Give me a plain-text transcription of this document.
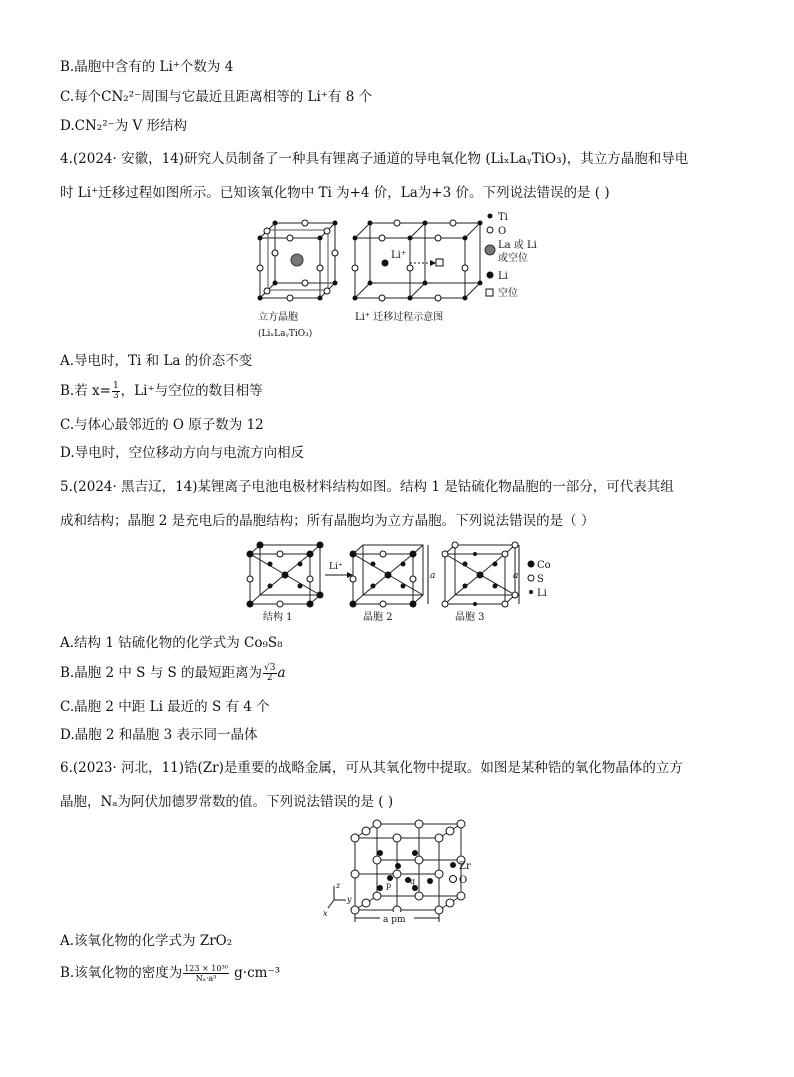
B.晶胞中含有的 Li⁺个数为 4
C.每个CN₂²⁻周围与它最近且距离相等的 Li⁺有 8 个
D.CN₂²⁻为 V 形结构
4.(2024· 安徽，14)研究人员制备了一种具有锂离子通道的导电氧化物 (LiₓLaᵧTiO₃)，其立方晶胞和导电
时 Li⁺迁移过程如图所示。已知该氧化物中 Ti 为+4 价，La为+3 价。下列说法错误的是 ( )
Li⁺
Ti
O
La 或 Li
或空位
Li
空位
立方晶胞
(LiₓLaᵧTiO₃)
Li⁺ 迁移过程示意图
A.导电时，Ti 和 La 的价态不变
B.若 $x= \frac{1}{3}$ ，Li⁺与空位的数目相等
C.与体心最邻近的 O 原子数为 12
D.导电时，空位移动方向与电流方向相反
5.(2024· 黑吉辽，14)某锂离子电池电极材料结构如图。结构 1 是钴硫化物晶胞的一部分，可代表其组
成和结构；晶胞 2 是充电后的晶胞结构；所有晶胞均为立方晶胞。下列说法错误的是（ ）
Li⁺
a	a
Co
S
Li
结构 1	晶胞 2	晶胞 3
A.结构 1 钴硫化物的化学式为 Co₉S₈
B.晶胞 2 中 S 与 S 的最短距离为 $\frac{√3}{2}$ a
C.晶胞 2 中距 Li 最近的 S 有 4 个
D.晶胞 2 和晶胞 3 表示同一晶体
6.(2023· 河北，11)锆(Zr)是重要的战略金属，可从其氧化物中提取。如图是某种锆的氧化物晶体的立方
晶胞，Nₐ为阿伏加德罗常数的值。下列说法错误的是 ( )
p q
z
y
x
a pm
Zr
O
A.该氧化物的化学式为 ZrO₂
B.该氧化物的密度为 $\frac{\text{123 × 10³⁰}}{\text{Nₐ·a³}} g\cdot cm^{-3}$
